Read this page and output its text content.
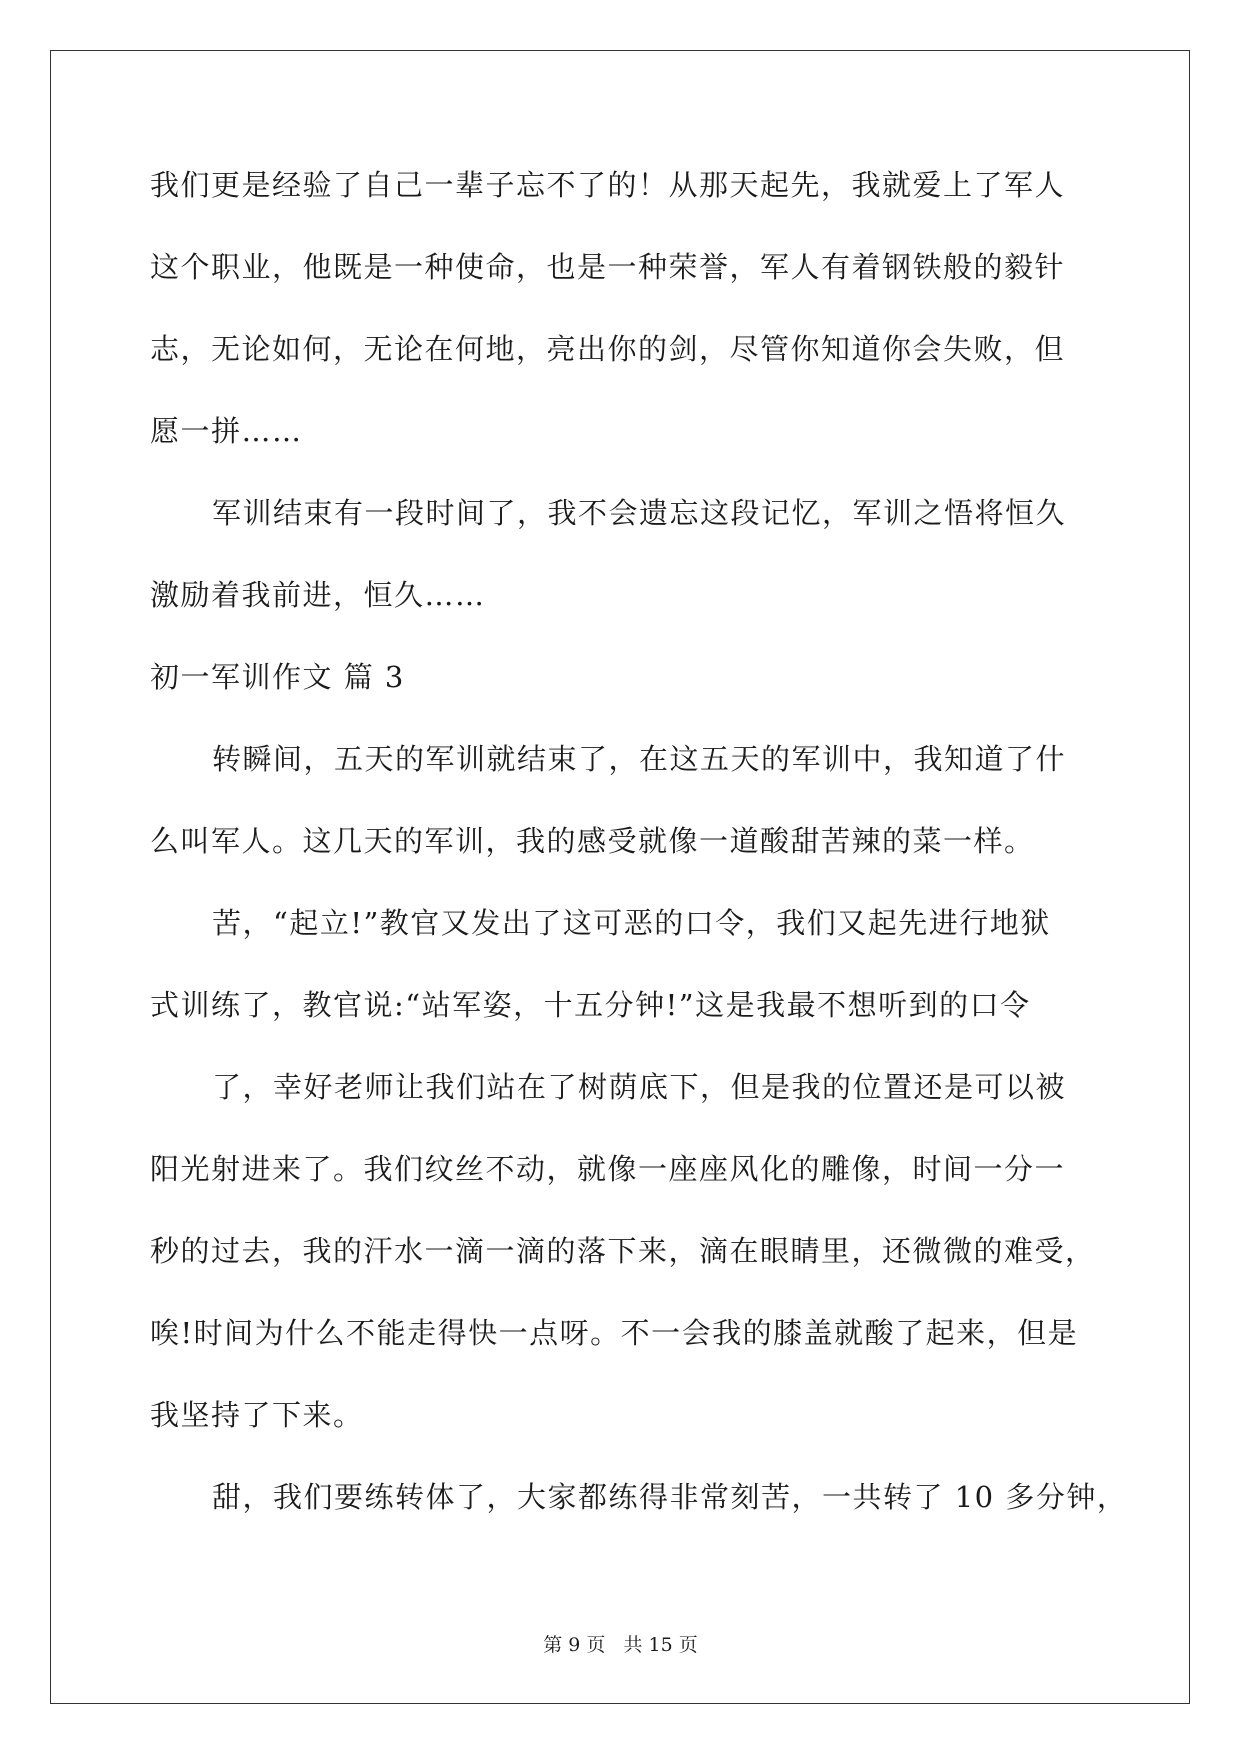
我们更是经验了自己一辈子忘不了的！从那天起先，我就爱上了军人
这个职业，他既是一种使命，也是一种荣誉，军人有着钢铁般的毅针
志，无论如何，无论在何地，亮出你的剑，尽管你知道你会失败，但
愿一拼……
军训结束有一段时间了，我不会遗忘这段记忆，军训之悟将恒久
激励着我前进，恒久……
初一军训作文 篇 3
转瞬间，五天的军训就结束了，在这五天的军训中，我知道了什
么叫军人。这几天的军训，我的感受就像一道酸甜苦辣的菜一样。
苦，“起立!”教官又发出了这可恶的口令，我们又起先进行地狱
式训练了，教官说:“站军姿，十五分钟!”这是我最不想听到的口令
了，幸好老师让我们站在了树荫底下，但是我的位置还是可以被
阳光射进来了。我们纹丝不动，就像一座座风化的雕像，时间一分一
秒的过去，我的汗水一滴一滴的落下来，滴在眼睛里，还微微的难受，
唉!时间为什么不能走得快一点呀。不一会我的膝盖就酸了起来，但是
我坚持了下来。
甜，我们要练转体了，大家都练得非常刻苦，一共转了 10 多分钟，
第 9 页 共 15 页
